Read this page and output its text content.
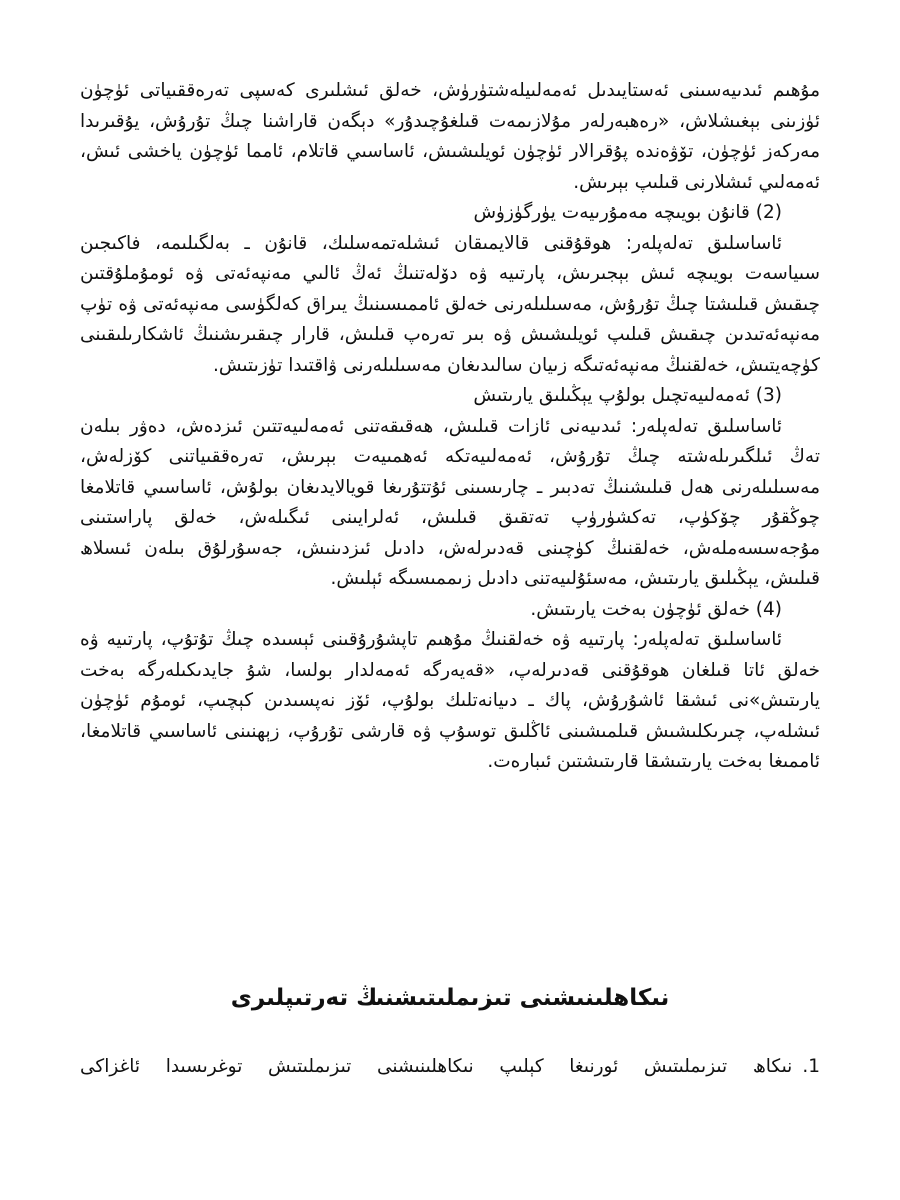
مۇھىم ئىدىيەسىنى ئەستايىدىل ئەمەلىيلەشتۈرۈش، خەلق ئىشلىرى كەسپى تەرەققىياتى ئۈچۈن ئۈزىنى بېغىشلاش، «رەھبەرلەر مۇلازىمەت قىلغۇچىدۇر» دېگەن قاراشنا چىڭ تۇرۇش، يۇقىرىدا مەركەز ئۈچۈن، تۆۋەندە پۇقرالار ئۈچۈن ئويلىشىش، ئاساسىي قاتلام، ئامما ئۈچۈن ياخشى ئىش، ئەمەلىي ئىشلارنى قىلىپ بېرىش.

(2) قانۇن بويىچە مەمۇرىيەت يۈرگۈزۈش

ئاساسلىق تەلەپلەر: ھوقۇقنى قالايمىقان ئىشلەتمەسلىك، قانۇن ـ بەلگىلىمە، فاكىجىن سىياسەت بويىچە ئىش بېجىرىش، پارتىيە ۋە دۆلەتنىڭ ئەڭ ئالىي مەنپەئەتى ۋە ئومۇملۇقتىن چىقىش قىلىشتا چىڭ تۇرۇش، مەسىلىلەرنى خەلق ئاممىسىنىڭ يىراق كەلگۈسى مەنپەئەتى ۋە تۈپ مەنپەئەتىدىن چىقىش قىلىپ ئويلىشىش ۋە بىر تەرەپ قىلىش، قارار چىقىرىشنىڭ ئاشكارىلىقىنى كۈچەيتىش، خەلقنىڭ مەنپەئەتىگە زىيان سالىدىغان مەسىلىلەرنى ۋاقتىدا تۈزىتىش.

(3) ئەمەلىيەتچىل بولۇپ يېڭىلىق يارىتىش

ئاساسلىق تەلەپلەر: ئىدىيەنى ئازات قىلىش، ھەقىقەتنى ئەمەلىيەتتىن ئىزدەش، دەۋر بىلەن تەڭ ئىلگىرىلەشتە چىڭ تۇرۇش، ئەمەلىيەتكە ئەھمىيەت بېرىش، تەرەققىياتنى كۆزلەش، مەسىلىلەرنى ھەل قىلىشنىڭ تەدبىر ـ چارىسىنى ئۇتتۇرىغا قويالايدىغان بولۇش، ئاساسىي قاتلامغا چوڭقۇر چۆكۈپ، تەكشۈرۈپ تەتقىق قىلىش، ئەلرايىنى ئىگىلەش، خەلق پاراستىنى مۇجەسسەملەش، خەلقنىڭ كۈچىنى قەدىرلەش، دادىل ئىزدىنىش، جەسۇرلۇق بىلەن ئىسلاھ قىلىش، يېڭىلىق يارىتىش، مەسئۇلىيەتنى دادىل زىممىسىگە ئېلىش.

(4) خەلق ئۈچۈن بەخت يارىتىش.

ئاساسلىق تەلەپلەر: پارتىيە ۋە خەلقنىڭ مۇھىم تاپشۇرۇقىنى ئېسىدە چىڭ تۇتۇپ، پارتىيە ۋە خەلق ئاتا قىلغان ھوقۇقنى قەدىرلەپ، «قەيەرگە ئەمەلدار بولسا، شۇ جايدىكىلەرگە بەخت يارىتىش»نى ئىشقا ئاشۇرۇش، پاك ـ دىيانەتلىك بولۇپ، ئۆز نەپسىدىن كېچىپ، ئومۇم ئۈچۈن ئىشلەپ، چىرىكلىشىش قىلمىشىنى ئاڭلىق توسۇپ ۋە قارشى تۇرۇپ، زېھنىنى ئاساسىي قاتلامغا، ئاممىغا بەخت يارىتىشقا قارىتىشتىن ئىبارەت.

نىكاھلىنىشنى تىزىملىتىشنىڭ تەرتىپلىرى

1.نىكاھ تىزىملىتىش ئورنىغا كېلىپ نىكاھلىنىشنى تىزىملىتىش توغرىسىدا ئاغزاكى
